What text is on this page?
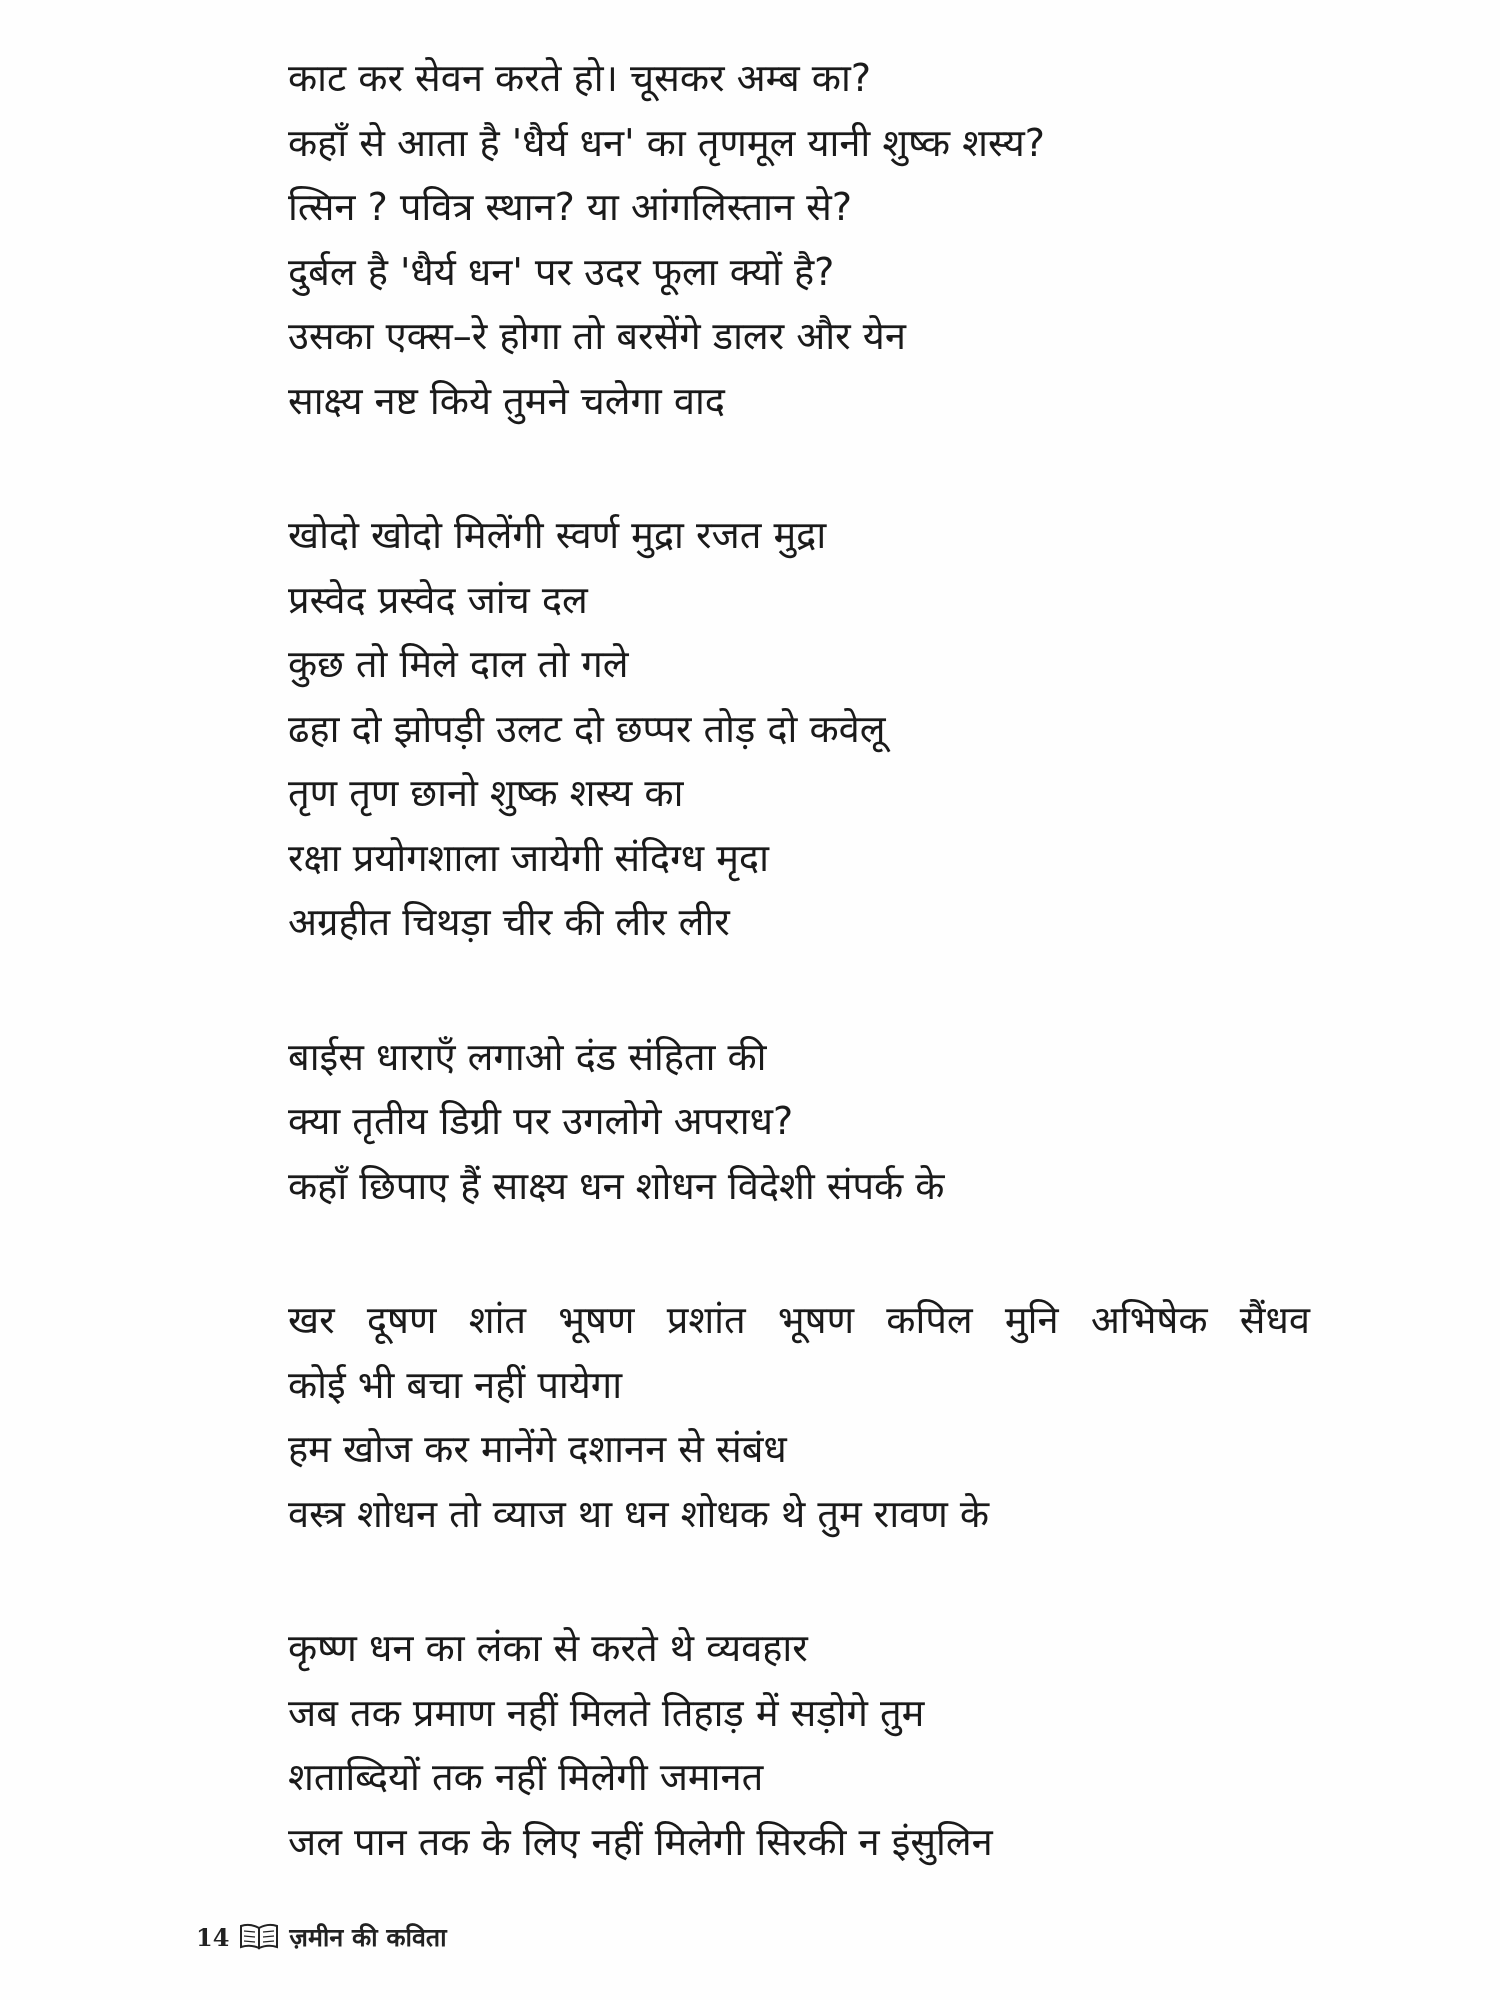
काट कर सेवन करते हो। चूसकर अम्ब का?
कहाँ से आता है 'धैर्य धन' का तृणमूल यानी शुष्क शस्य?
त्सिन ? पवित्र स्थान? या आंगलिस्तान से?
दुर्बल है 'धैर्य धन' पर उदर फूला क्यों है?
उसका एक्स–रे होगा तो बरसेंगे डालर और येन
साक्ष्य नष्ट किये तुमने चलेगा वाद
खोदो खोदो मिलेंगी स्वर्ण मुद्रा रजत मुद्रा
प्रस्वेद प्रस्वेद जांच दल
कुछ तो मिले दाल तो गले
ढहा दो झोपड़ी उलट दो छप्पर तोड़ दो कवेलू
तृण तृण छानो शुष्क शस्य का
रक्षा प्रयोगशाला जायेगी संदिग्ध मृदा
अग्रहीत चिथड़ा चीर की लीर लीर
बाईस धाराएँ लगाओ दंड संहिता की
क्या तृतीय डिग्री पर उगलोगे अपराध?
कहाँ छिपाए हैं साक्ष्य धन शोधन विदेशी संपर्क के
खर दूषण शांत भूषण प्रशांत भूषण कपिल मुनि अभिषेक सैंधव
कोई भी बचा नहीं पायेगा
हम खोज कर मानेंगे दशानन से संबंध
वस्त्र शोधन तो व्याज था धन शोधक थे तुम रावण के
कृष्ण धन का लंका से करते थे व्यवहार
जब तक प्रमाण नहीं मिलते तिहाड़ में सड़ोगे तुम
शताब्दियों तक नहीं मिलेगी जमानत
जल पान तक के लिए नहीं मिलेगी सिरकी न इंसुलिन
14 ज़मीन की कविता
